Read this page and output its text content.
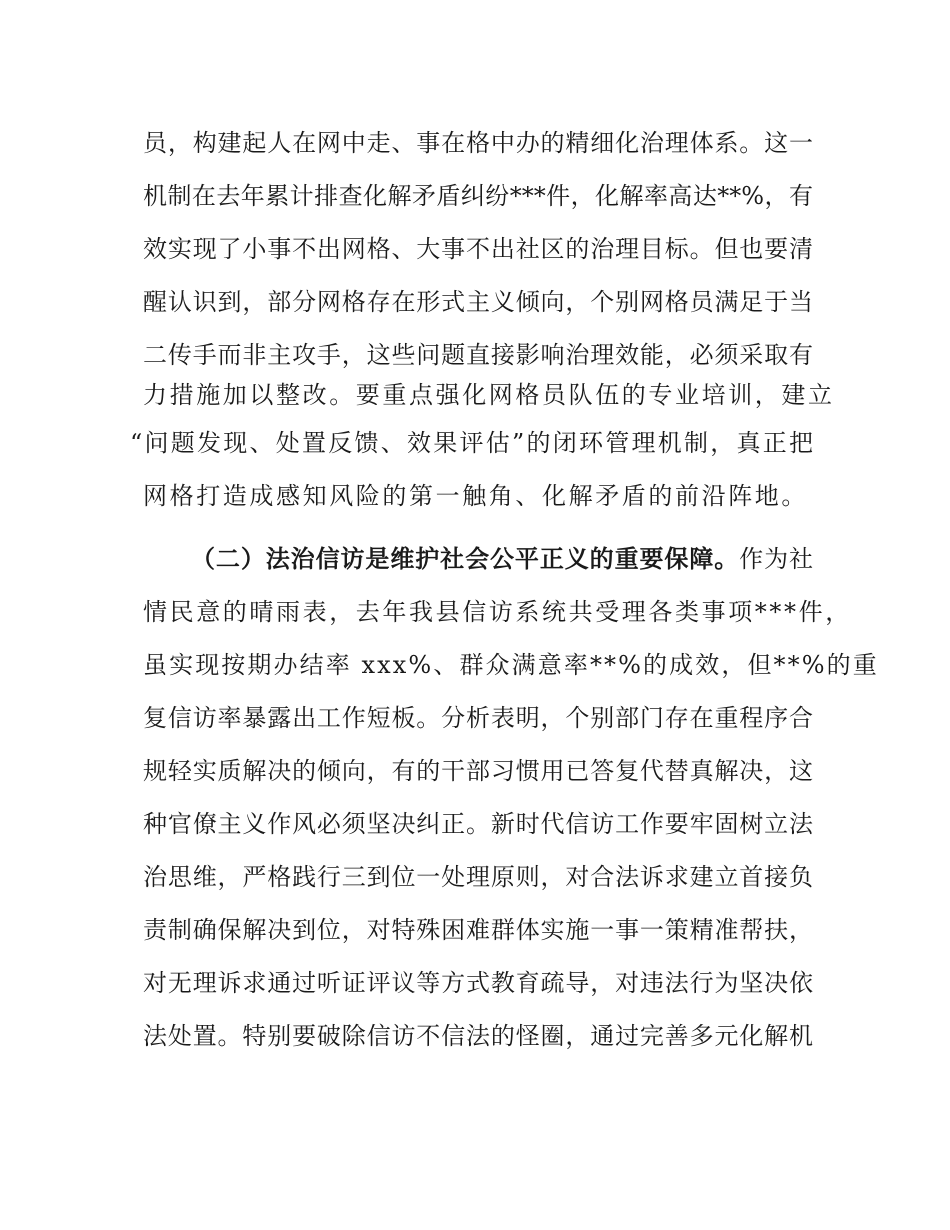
员，构建起人在网中走、事在格中办的精细化治理体系。这一
机制在去年累计排查化解矛盾纠纷***件，化解率高达**%，有
效实现了小事不出网格、大事不出社区的治理目标。但也要清
醒认识到，部分网格存在形式主义倾向，个别网格员满足于当
二传手而非主攻手，这些问题直接影响治理效能，必须采取有
力措施加以整改。要重点强化网格员队伍的专业培训，建立
“问题发现、处置反馈、效果评估”的闭环管理机制，真正把
网格打造成感知风险的第一触角、化解矛盾的前沿阵地。
（二）法治信访是维护社会公平正义的重要保障。作为社
情民意的晴雨表，去年我县信访系统共受理各类事项***件，
虽实现按期办结率 xxx%、群众满意率**%的成效，但**%的重
复信访率暴露出工作短板。分析表明，个别部门存在重程序合
规轻实质解决的倾向，有的干部习惯用已答复代替真解决，这
种官僚主义作风必须坚决纠正。新时代信访工作要牢固树立法
治思维，严格践行三到位一处理原则，对合法诉求建立首接负
责制确保解决到位，对特殊困难群体实施一事一策精准帮扶，
对无理诉求通过听证评议等方式教育疏导，对违法行为坚决依
法处置。特别要破除信访不信法的怪圈，通过完善多元化解机
